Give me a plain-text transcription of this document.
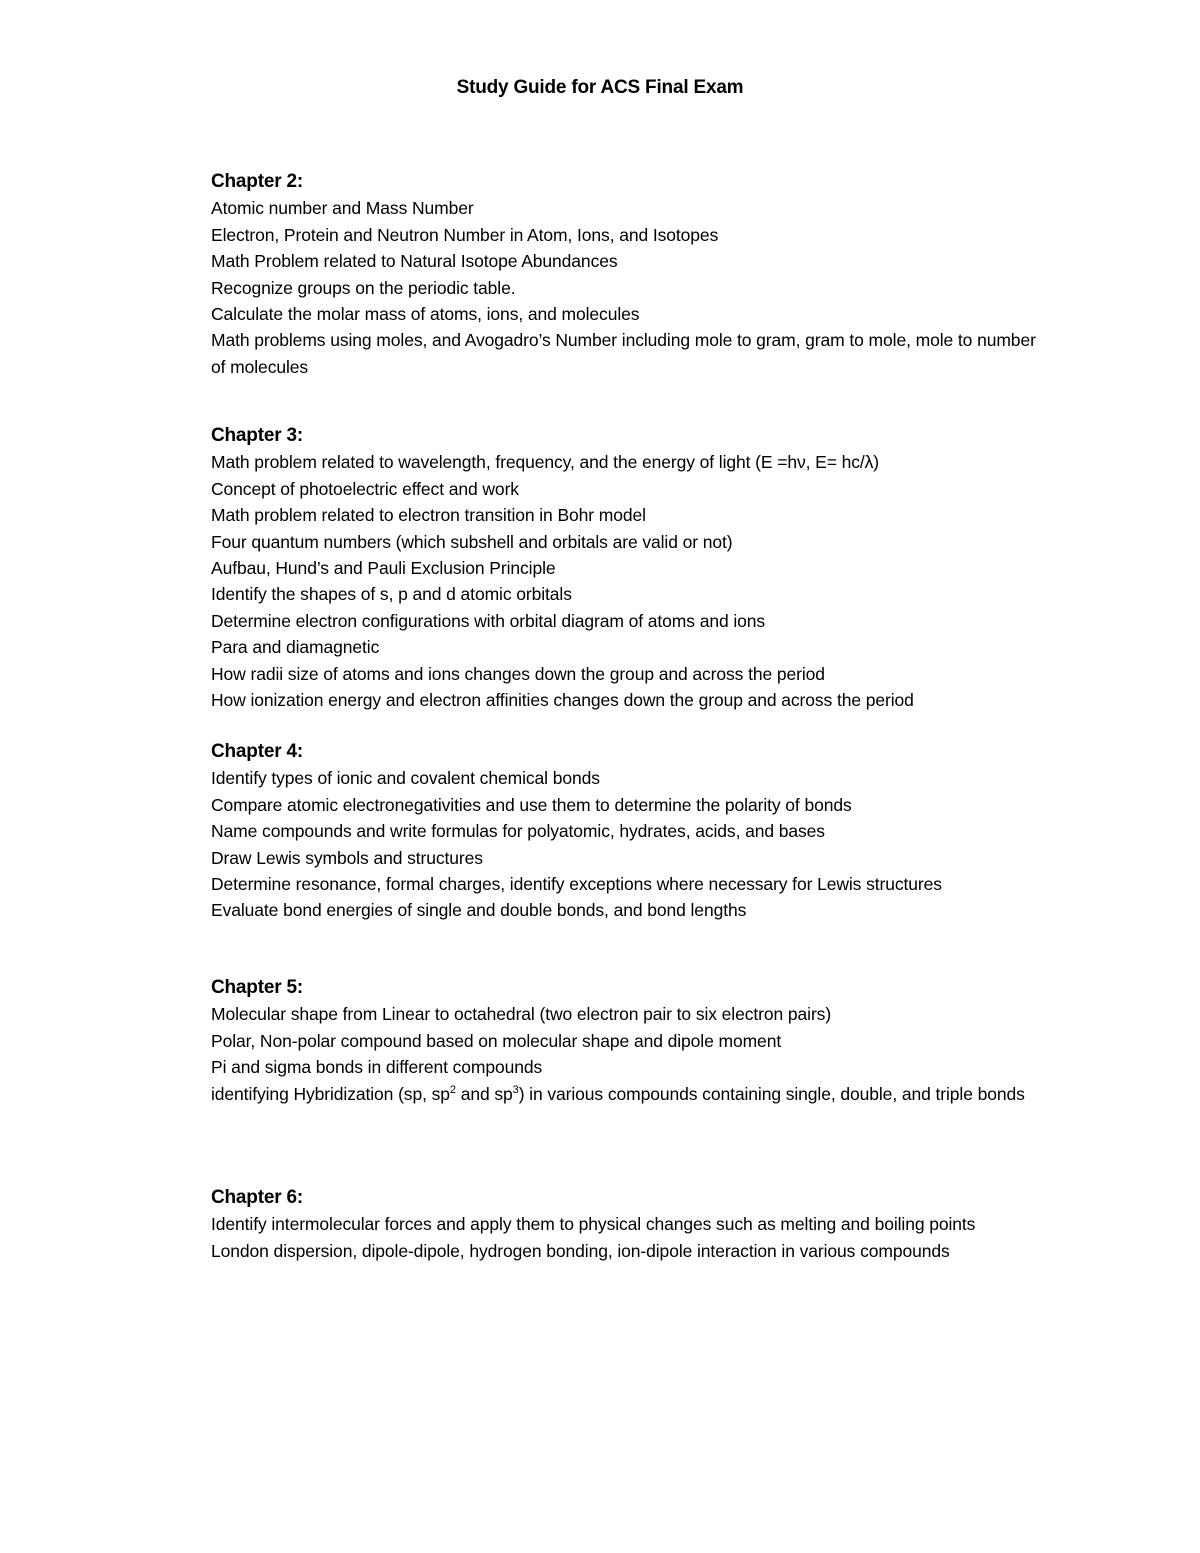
Study Guide for ACS Final Exam
Chapter 2:
Atomic number and Mass Number
Electron, Protein and Neutron Number in Atom, Ions, and Isotopes
Math Problem related to Natural Isotope Abundances
Recognize groups on the periodic table.
Calculate the molar mass of atoms, ions, and molecules
Math problems using moles, and Avogadro’s Number including mole to gram, gram to mole, mole to number of molecules
Chapter 3:
Math problem related to wavelength, frequency, and the energy of light (E =hν, E= hc/λ)
Concept of photoelectric effect and work
Math problem related to electron transition in Bohr model
Four quantum numbers (which subshell and orbitals are valid or not)
Aufbau, Hund’s and Pauli Exclusion Principle
Identify the shapes of s, p and d atomic orbitals
Determine electron configurations with orbital diagram of atoms and ions
Para and diamagnetic
How radii size of atoms and ions changes down the group and across the period
How ionization energy and electron affinities changes down the group and across the period
Chapter 4:
Identify types of ionic and covalent chemical bonds
Compare atomic electronegativities and use them to determine the polarity of bonds
Name compounds and write formulas for polyatomic, hydrates, acids, and bases
Draw Lewis symbols and structures
Determine resonance, formal charges, identify exceptions where necessary for Lewis structures
Evaluate bond energies of single and double bonds, and bond lengths
Chapter 5:
Molecular shape from Linear to octahedral (two electron pair to six electron pairs)
Polar, Non-polar compound based on molecular shape and dipole moment
Pi and sigma bonds in different compounds
identifying Hybridization (sp, $sp^2$ and $sp^3$) in various compounds containing single, double, and triple bonds
Chapter 6:
Identify intermolecular forces and apply them to physical changes such as melting and boiling points
London dispersion, dipole-dipole, hydrogen bonding, ion-dipole interaction in various compounds
